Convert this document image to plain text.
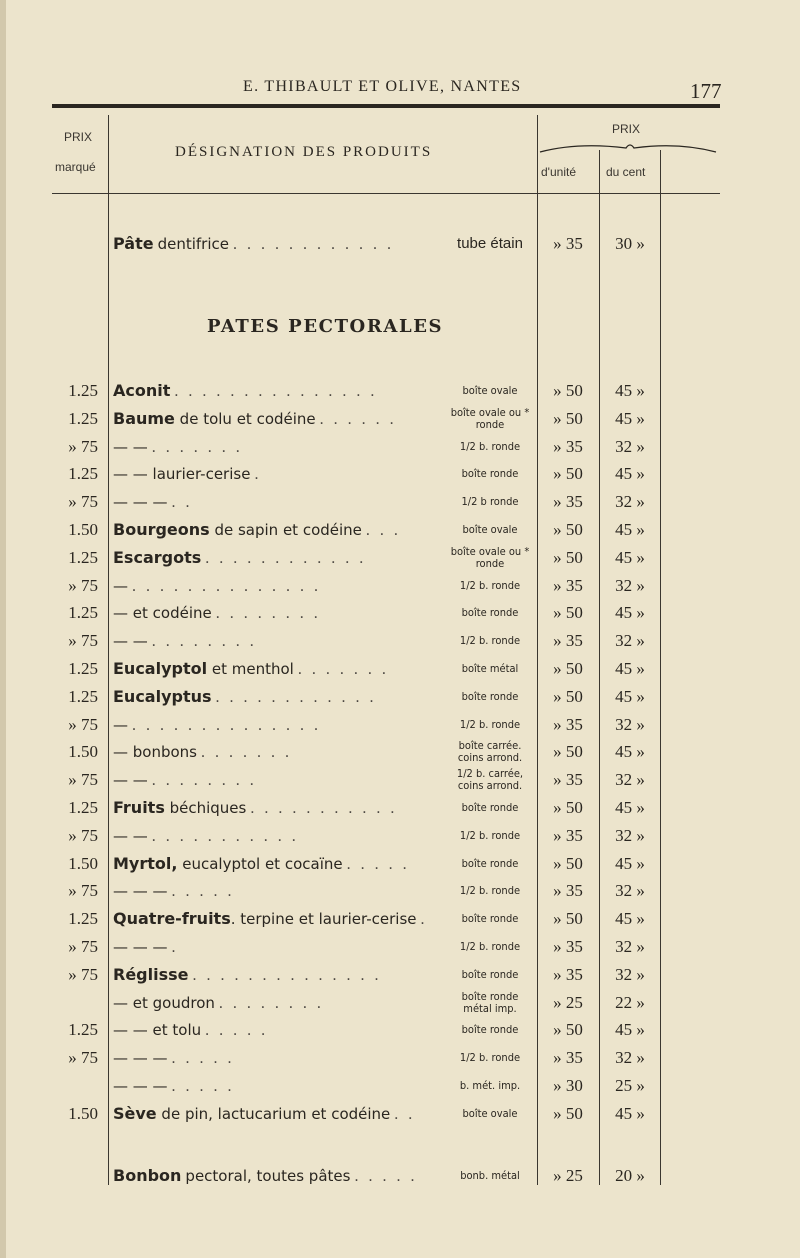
E. THIBAULT ET OLIVE, NANTES	177
PRIX
marqué
DÉSIGNATION DES PRODUITS
PRIX
d'unité	du cent
Pâte dentifrice . . . . . . . . . . . .	tube étain	» 35	30 »
PATES PECTORALES
1.25 Aconit . . . . . . . . . . . . . . .	boîte ovale	» 50	45 »
1.25 Baume de tolu et codéine . . . . . .	boîte ovale ou * ronde	» 50	45 »
» 75 — — . . . . . . .	1/2 b. ronde	» 35	32 »
1.25 — — laurier-cerise .	boîte ronde	» 50	45 »
» 75 — — — . .	1/2 b ronde	» 35	32 »
1.50 Bourgeons de sapin et codéine . . .	boîte ovale	» 50	45 »
1.25 Escargots . . . . . . . . . . . .	boîte ovale ou * ronde	» 50	45 »
» 75 — . . . . . . . . . . . . . .	1/2 b. ronde	» 35	32 »
1.25 — et codéine . . . . . . . .	boîte ronde	» 50	45 »
» 75 — — . . . . . . . .	1/2 b. ronde	» 35	32 »
1.25 Eucalyptol et menthol . . . . . . .	boîte métal	» 50	45 »
1.25 Eucalyptus . . . . . . . . . . . .	boîte ronde	» 50	45 »
» 75 — . . . . . . . . . . . . . .	1/2 b. ronde	» 35	32 »
1.50 — bonbons . . . . . . .	boîte carrée. coins arrond.	» 50	45 »
» 75 — — . . . . . . . .	1/2 b. carrée, coins arrond.	» 35	32 »
1.25 Fruits béchiques . . . . . . . . . . .	boîte ronde	» 50	45 »
» 75 — — . . . . . . . . . . .	1/2 b. ronde	» 35	32 »
1.50 Myrtol, eucalyptol et cocaïne . . . . .	boîte ronde	» 50	45 »
» 75 — — — . . . . .	1/2 b. ronde	» 35	32 »
1.25 Quatre-fruits. terpine et laurier-cerise .	boîte ronde	» 50	45 »
» 75 — — — .	1/2 b. ronde	» 35	32 »
» 75 Réglisse . . . . . . . . . . . . . .	boîte ronde	» 35	32 »
— et goudron . . . . . . . .	boîte ronde métal imp.	» 25	22 »
1.25 — — et tolu . . . . .	boîte ronde	» 50	45 »
» 75 — — — . . . . .	1/2 b. ronde	» 35	32 »
— — — . . . . .	b. mét. imp.	» 30	25 »
1.50 Sève de pin, lactucarium et codéine . .	boîte ovale	» 50	45 »
Bonbon pectoral, toutes pâtes . . . . .	bonb. métal	» 25	20 »
